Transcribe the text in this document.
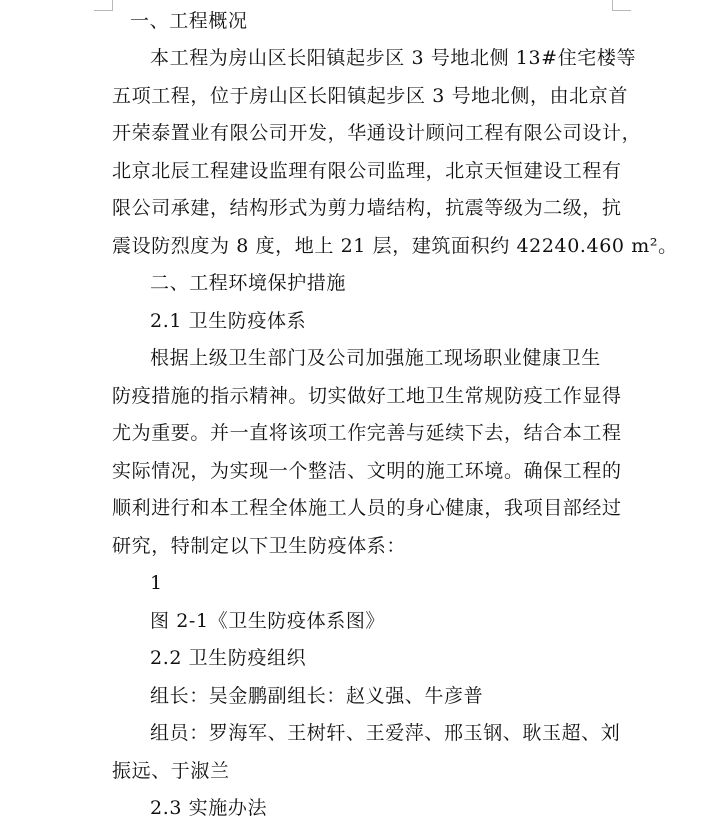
一、工程概况
本工程为房山区长阳镇起步区 3 号地北侧 13#住宅楼等
五项工程，位于房山区长阳镇起步区 3 号地北侧，由北京首
开荣泰置业有限公司开发，华通设计顾问工程有限公司设计，
北京北辰工程建设监理有限公司监理，北京天恒建设工程有
限公司承建，结构形式为剪力墙结构，抗震等级为二级，抗
震设防烈度为 8 度，地上 21 层，建筑面积约 42240.460 m²。
二、工程环境保护措施
2.1 卫生防疫体系
根据上级卫生部门及公司加强施工现场职业健康卫生
防疫措施的指示精神。切实做好工地卫生常规防疫工作显得
尤为重要。并一直将该项工作完善与延续下去，结合本工程
实际情况，为实现一个整洁、文明的施工环境。确保工程的
顺利进行和本工程全体施工人员的身心健康，我项目部经过
研究，特制定以下卫生防疫体系：
1
图 2-1《卫生防疫体系图》
2.2 卫生防疫组织
组长：吴金鹏副组长：赵义强、牛彦普
组员：罗海军、王树轩、王爱萍、邢玉钢、耿玉超、刘
振远、于淑兰
2.3 实施办法
